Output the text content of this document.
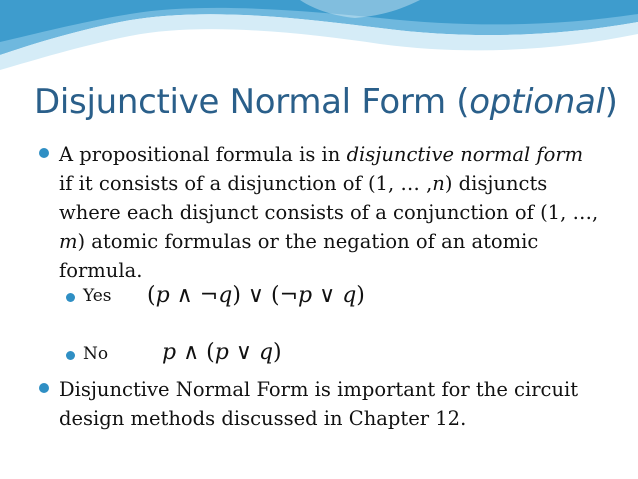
Disjunctive Normal Form (optional)
A propositional formula is in disjunctive normal form
if it consists of a disjunction of (1, … ,n) disjuncts
where each disjunct consists of a conjunction of (1, …,
m) atomic formulas or the negation of an atomic
formula.
Yes (p ∧ ¬q) ∨ (¬p ∨ q)
No p ∧ (p ∨ q)
Disjunctive Normal Form is important for the circuit
design methods discussed in Chapter 12.
